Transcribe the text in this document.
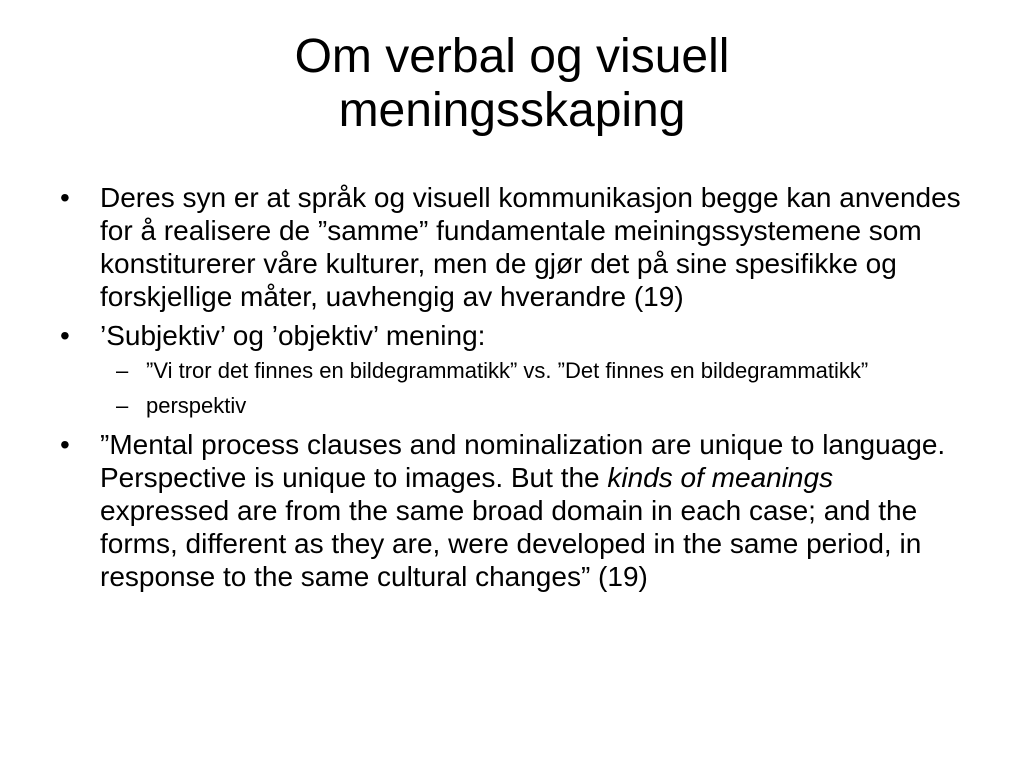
Om verbal og visuell
meningsskaping
•	Deres syn er at språk og visuell kommunikasjon begge kan anvendes for å realisere de ”samme” fundamentale meiningssystemene som konstiturerer våre kulturer, men de gjør det på sine spesifikke og forskjellige måter, uavhengig av hverandre (19)
•	’Subjektiv’ og ’objektiv’ mening:
– ”Vi tror det finnes en bildegrammatikk” vs. ”Det finnes en bildegrammatikk”
– perspektiv
•	”Mental process clauses and nominalization are unique to language. Perspective is unique to images. But the kinds of meanings expressed are from the same broad domain in each case; and the forms, different as they are, were developed in the same period, in response to the same cultural changes” (19)
